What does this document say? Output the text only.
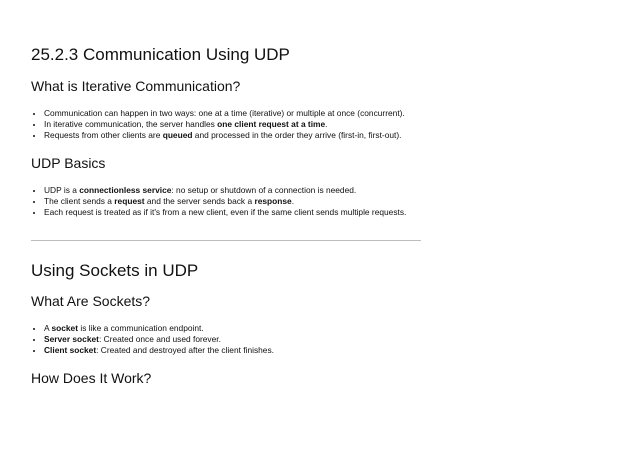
25.2.3 Communication Using UDP
What is Iterative Communication?
• Communication can happen in two ways: one at a time (iterative) or multiple at once (concurrent).
• In iterative communication, the server handles one client request at a time.
• Requests from other clients are queued and processed in the order they arrive (first-in, first-out).
UDP Basics
• UDP is a connectionless service: no setup or shutdown of a connection is needed.
• The client sends a request and the server sends back a response.
• Each request is treated as if it's from a new client, even if the same client sends multiple requests.
Using Sockets in UDP
What Are Sockets?
• A socket is like a communication endpoint.
• Server socket: Created once and used forever.
• Client socket: Created and destroyed after the client finishes.
How Does It Work?
